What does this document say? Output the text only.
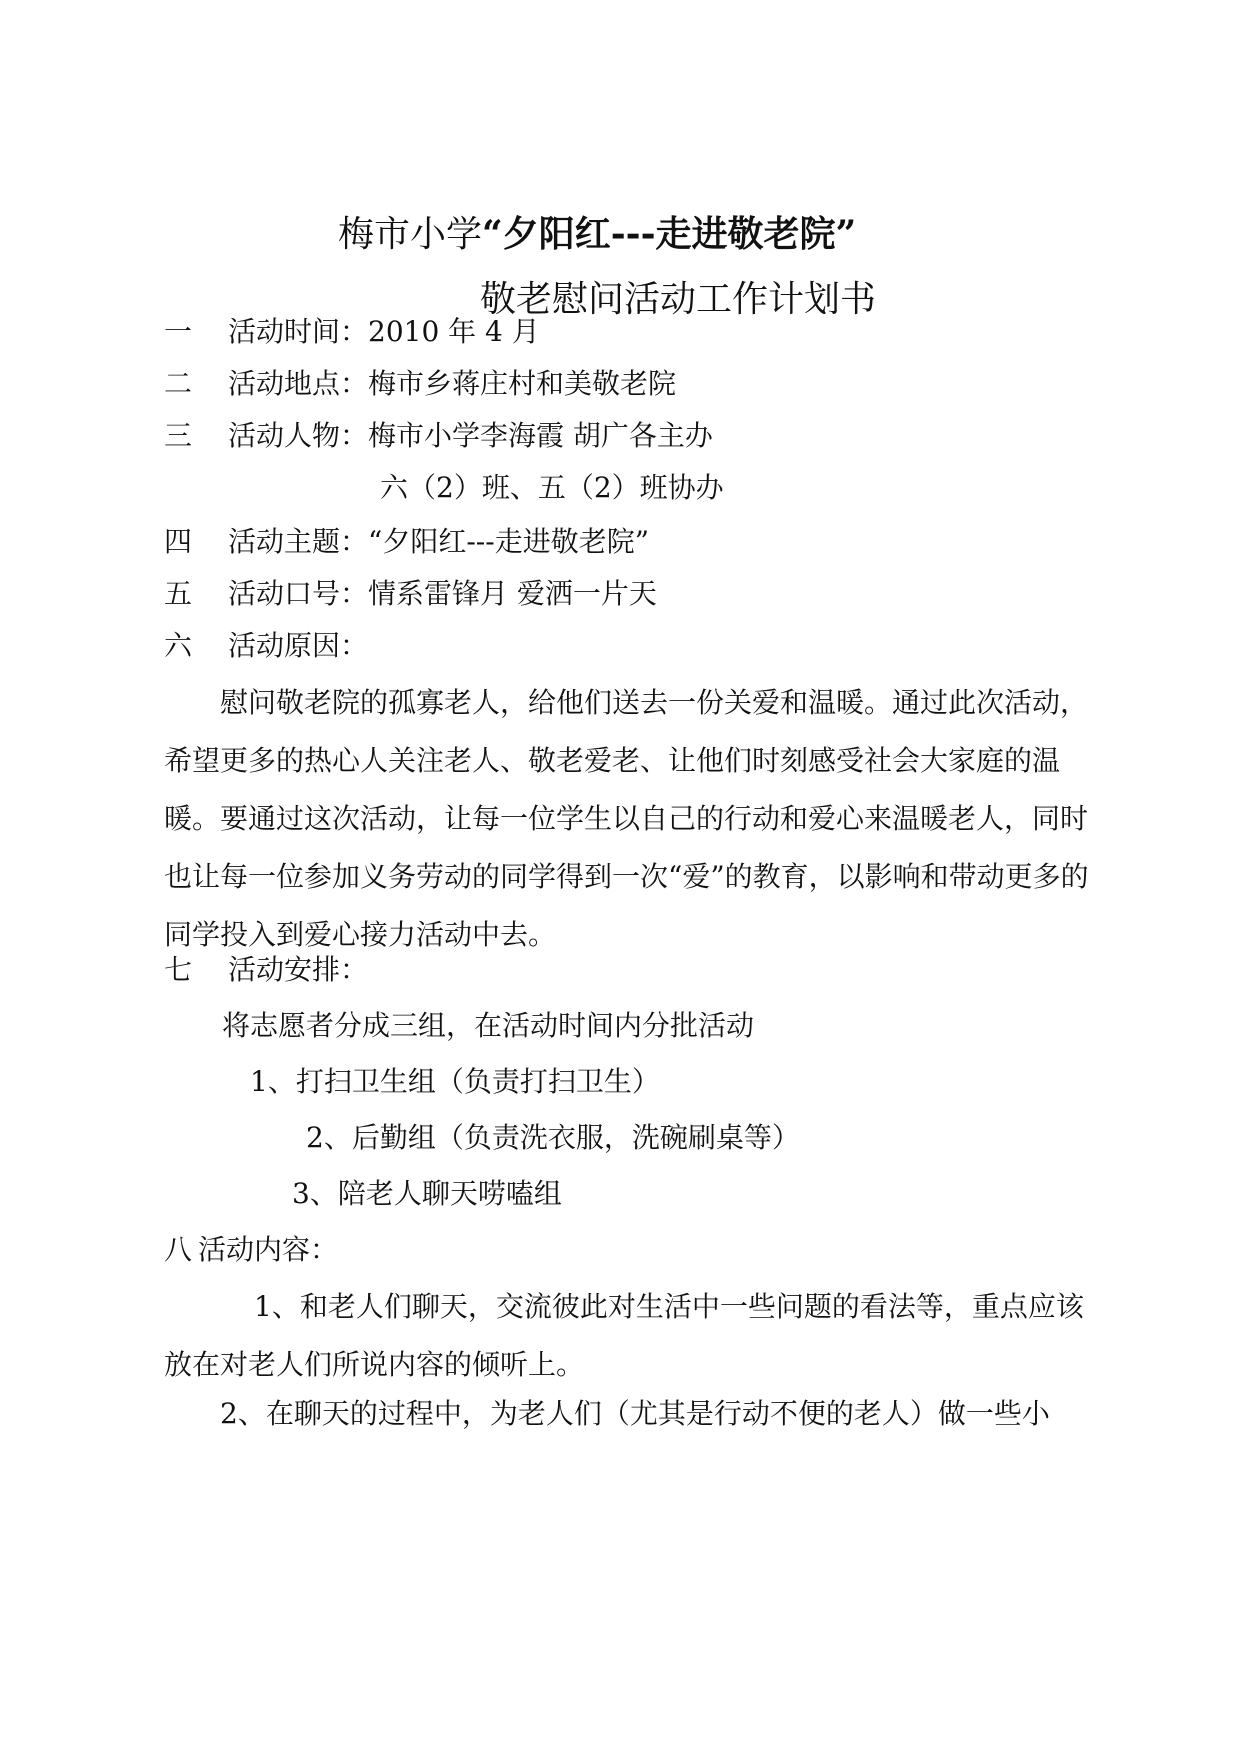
梅市小学“夕阳红---走进敬老院”
敬老慰问活动工作计划书
一 活动时间：2010 年 4 月
二 活动地点：梅市乡蒋庄村和美敬老院
三 活动人物：梅市小学李海霞 胡广各主办
六（2）班、五（2）班协办
四 活动主题：“夕阳红---走进敬老院”
五 活动口号：情系雷锋月 爱洒一片天
六 活动原因：
慰问敬老院的孤寡老人，给他们送去一份关爱和温暖。通过此次活动，希望更多的热心人关注老人、敬老爱老、让他们时刻感受社会大家庭的温暖。要通过这次活动，让每一位学生以自己的行动和爱心来温暖老人，同时也让每一位参加义务劳动的同学得到一次“爱”的教育，以影响和带动更多的同学投入到爱心接力活动中去。
七 活动安排：
将志愿者分成三组，在活动时间内分批活动
1、打扫卫生组（负责打扫卫生）
2、后勤组（负责洗衣服，洗碗刷桌等）
3、陪老人聊天唠嗑组
八 活动内容：
1、和老人们聊天，交流彼此对生活中一些问题的看法等，重点应该放在对老人们所说内容的倾听上。
2、在聊天的过程中，为老人们（尤其是行动不便的老人）做一些小
